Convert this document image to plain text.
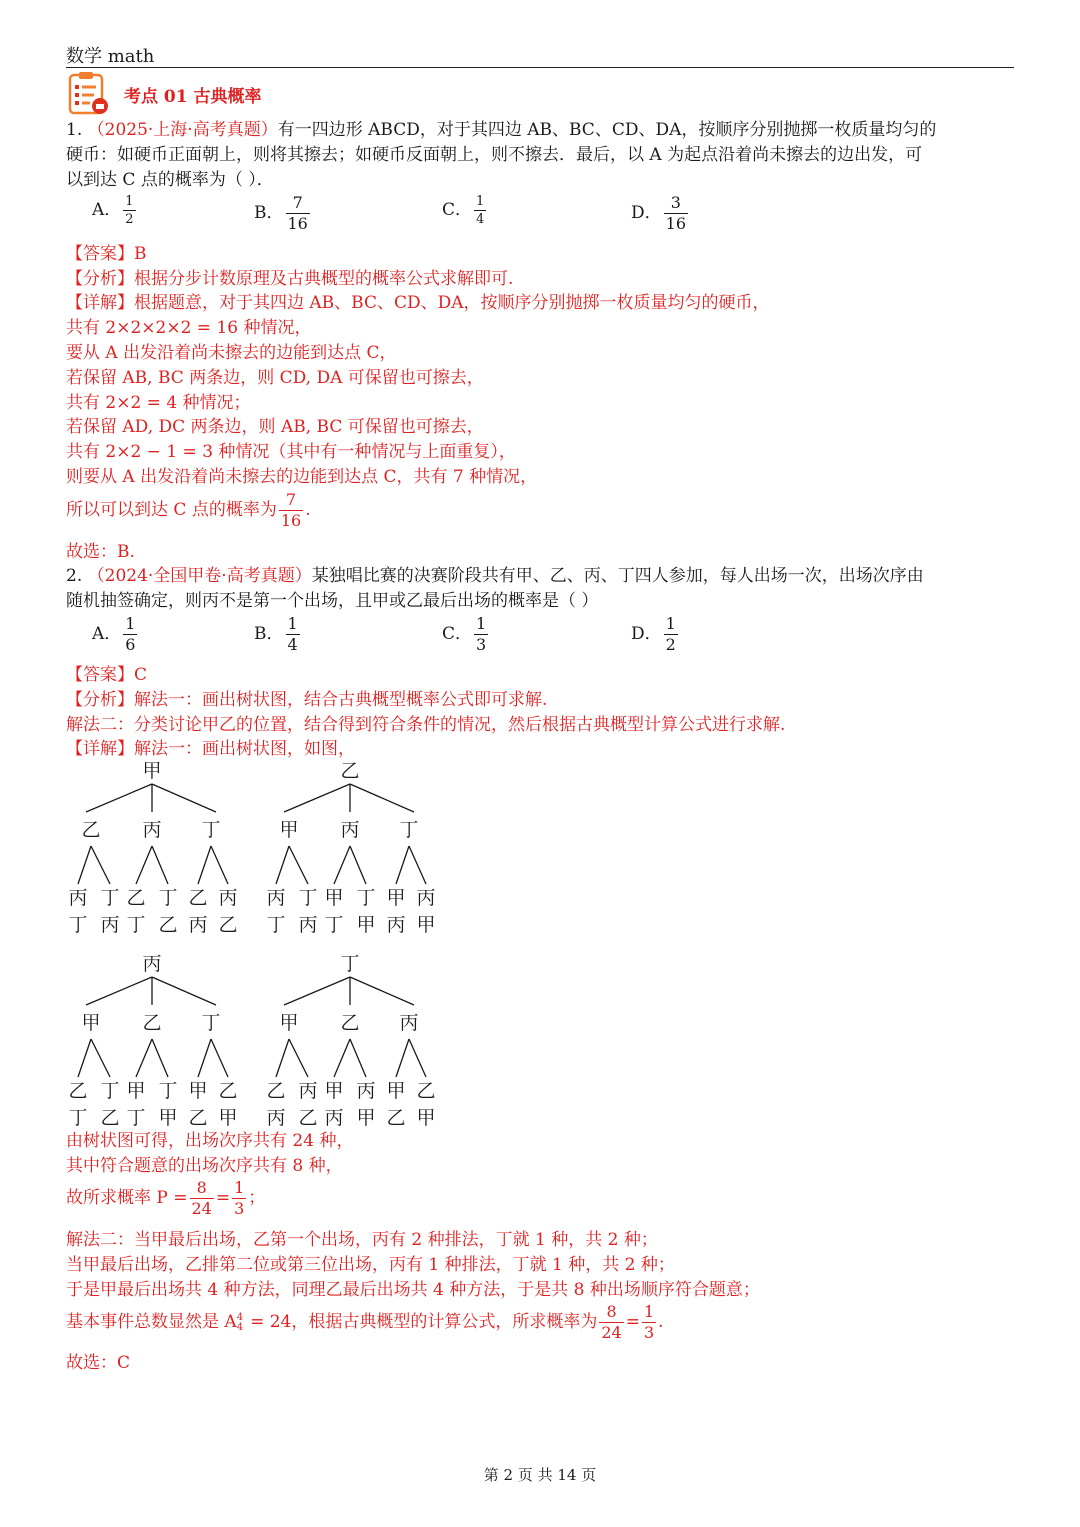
数学 math
考点 01 古典概率
1. （2025·上海·高考真题）有一四边形 ABCD，对于其四边 AB、BC、CD、DA，按顺序分别抛掷一枚质量均匀的
硬币：如硬币正面朝上，则将其擦去；如硬币反面朝上，则不擦去．最后，以 A 为起点沿着尚未擦去的边出发，可
以到达 C 点的概率为（ ）．
A． $\frac{1}{2}$	B． $\frac{7}{16}$	C． $\frac{1}{4}$	D． $\frac{3}{16}$
【答案】B
【分析】根据分步计数原理及古典概型的概率公式求解即可.
【详解】根据题意，对于其四边 AB、BC、CD、DA，按顺序分别抛掷一枚质量均匀的硬币，
共有 2×2×2×2 = 16 种情况，
要从 A 出发沿着尚未擦去的边能到达点 C，
若保留 AB, BC 两条边，则 CD, DA 可保留也可擦去，
共有 2×2 = 4 种情况；
若保留 AD, DC 两条边，则 AB, BC 可保留也可擦去，
共有 2×2 − 1 = 3 种情况（其中有一种情况与上面重复），
则要从 A 出发沿着尚未擦去的边能到达点 C，共有 7 种情况，
所以可以到达 C 点的概率为 $\frac{7}{16}$ .
故选：B.
2. （2024·全国甲卷·高考真题）某独唱比赛的决赛阶段共有甲、乙、丙、丁四人参加，每人出场一次，出场次序由
随机抽签确定，则丙不是第一个出场，且甲或乙最后出场的概率是（ ）
A． $\frac{1}{6}$	B． $\frac{1}{4}$	C． $\frac{1}{3}$	D． $\frac{1}{2}$
【答案】C
【分析】解法一：画出树状图，结合古典概型概率公式即可求解.
解法二：分类讨论甲乙的位置，结合得到符合条件的情况，然后根据古典概型计算公式进行求解.
【详解】解法一：画出树状图，如图，
甲
乙 丙 丁
丙 丁 乙 丁 乙 丙
丁 丙 丁 乙 丙 乙
乙
甲 丙 丁
丙 丁 甲 丁 甲 丙
丁 丙 丁 甲 丙 甲
丙
甲 乙 丁
乙 丁 甲 丁 甲 乙
丁 乙 丁 甲 乙 甲
丁
甲 乙 丙
乙 丙 甲 丙 甲 乙
丙 乙 丙 甲 乙 甲
由树状图可得，出场次序共有 24 种，
其中符合题意的出场次序共有 8 种，
故所求概率 $P = \frac{8}{24} = \frac{1}{3}$ ；
解法二：当甲最后出场，乙第一个出场，丙有 2 种排法，丁就 1 种，共 2 种；
当甲最后出场，乙排第二位或第三位出场，丙有 1 种排法，丁就 1 种，共 2 种；
于是甲最后出场共 4 种方法，同理乙最后出场共 4 种方法，于是共 8 种出场顺序符合题意；
基本事件总数显然是 A 4
4 = 24，根据古典概型的计算公式，所求概率为 $\frac{8}{24} = \frac{1}{3}$ .
故选：C
第 2 页 共 14 页
